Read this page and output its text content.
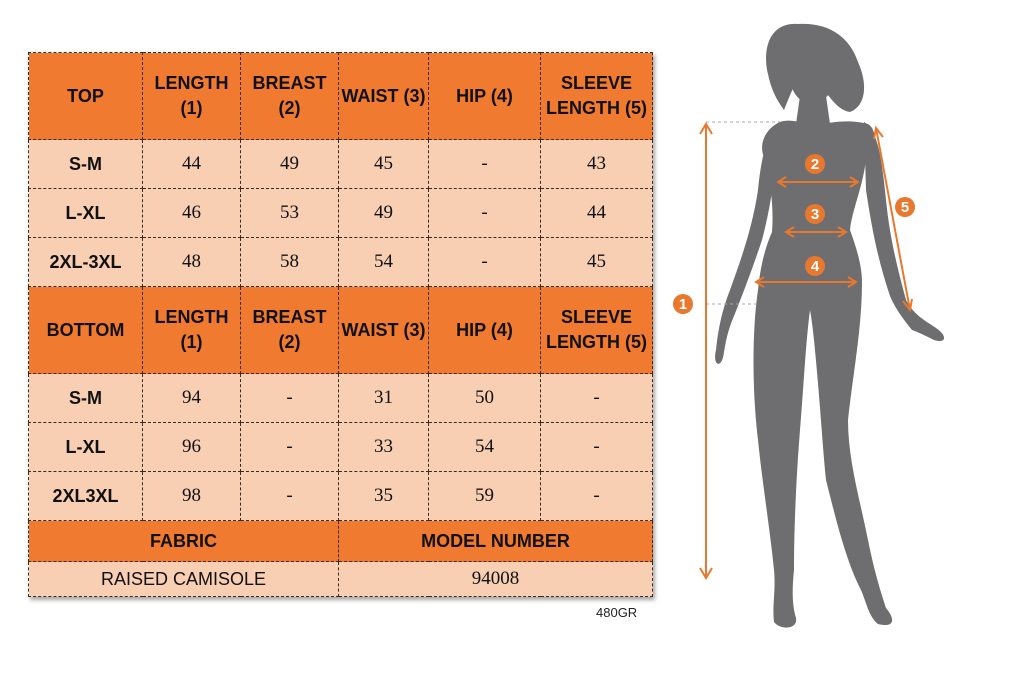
TOP	LENGTH (1)	BREAST (2)	WAIST (3)	HIP (4)	SLEEVE LENGTH (5)
S-M	44	49	45	-	43
L-XL	46	53	49	-	44
2XL-3XL	48	58	54	-	45
BOTTOM	LENGTH (1)	BREAST (2)	WAIST (3)	HIP (4)	SLEEVE LENGTH (5)
S-M	94	-	31	50	-
L-XL	96	-	33	54	-
2XL3XL	98	-	35	59	-
FABRIC			MODEL NUMBER		
RAISED CAMISOLE			94008		
480GR
1
2
3
4
5
